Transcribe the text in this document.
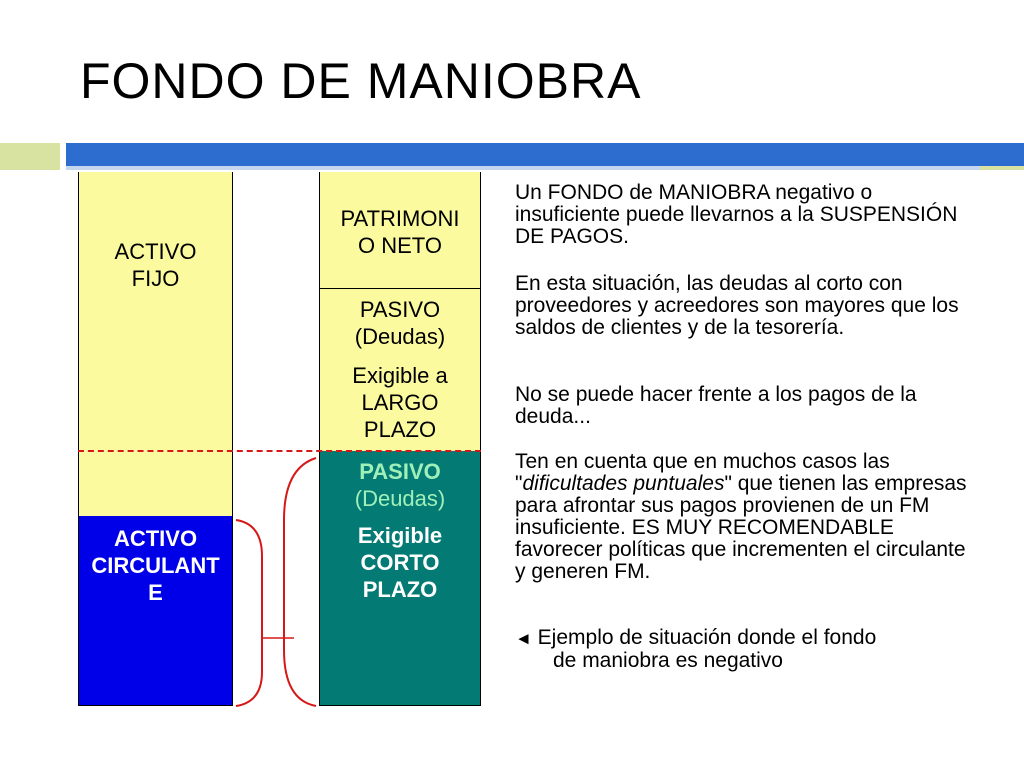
FONDO DE MANIOBRA
ACTIVO FIJO
ACTIVO
CIRCULANT
E
PATRIMONI O NETO
PASIVO
(Deudas)
Exigible a
LARGO
PLAZO
PASIVO
(Deudas)
Exigible
CORTO
PLAZO

Un FONDO de MANIOBRA negativo o insuficiente puede llevarnos a la SUSPENSIÓN DE PAGOS.

En esta situación, las deudas al corto con proveedores y acreedores son mayores que los saldos de clientes y de la tesorería.

No se puede hacer frente a los pagos de la deuda...

Ten en cuenta que en muchos casos las "dificultades puntuales" que tienen las empresas para afrontar sus pagos provienen de un FM insuficiente. ES MUY RECOMENDABLE favorecer políticas que incrementen el circulante y generen FM.

◄ Ejemplo de situación donde el fondo
de maniobra es negativo
